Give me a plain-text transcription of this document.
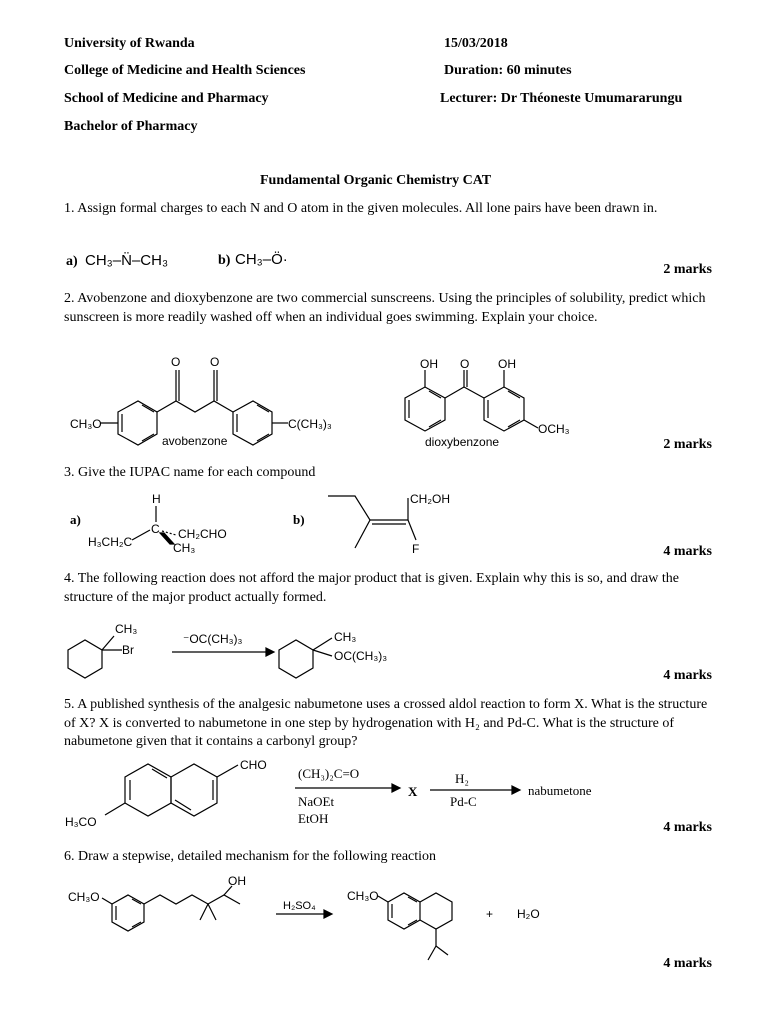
University of Rwanda
College of Medicine and Health Sciences
School of Medicine and Pharmacy
Bachelor of Pharmacy
15/03/2018
Duration: 60 minutes
Lecturer: Dr Théoneste Umumararungu
Fundamental Organic Chemistry CAT
1. Assign formal charges to each N and O atom in the given molecules. All lone pairs have been drawn in.
2 marks
2. Avobenzone and dioxybenzone are two commercial sunscreens. Using the principles of solubility, predict which sunscreen is more readily washed off when an individual goes swimming. Explain your choice.
2 marks
3. Give the IUPAC name for each compound
4 marks
4. The following reaction does not afford the major product that is given. Explain why this is so, and draw the structure of the major product actually formed.
4 marks
5. A published synthesis of the analgesic nabumetone uses a crossed aldol reaction to form X. What is the structure of X? X is converted to nabumetone in one step by hydrogenation with H₂ and Pd-C. What is the structure of nabumetone given that it contains a carbonyl group?
4 marks
6. Draw a stepwise, detailed mechanism for the following reaction
4 marks
a) CH₃–N̈–CH₃	b) CH₃–Ö·
CH₃O
O O
C(CH₃)₃
avobenzone
OH O OH
OCH₃
dioxybenzone
a)
H
C CH₂CHO
H₃CH₂C	CH₃
b)
CH₂OH
F
CH₃
Br
⁻OC(CH₃)₃	CH₃
OC(CH₃)₃
CHO
H₃CO
(CH₃)₂C=O
NaOEt
EtOH
X
H₂
Pd-C
nabumetone
CH₃O
OH
H₂SO₄
CH₃O
+ H₂O
